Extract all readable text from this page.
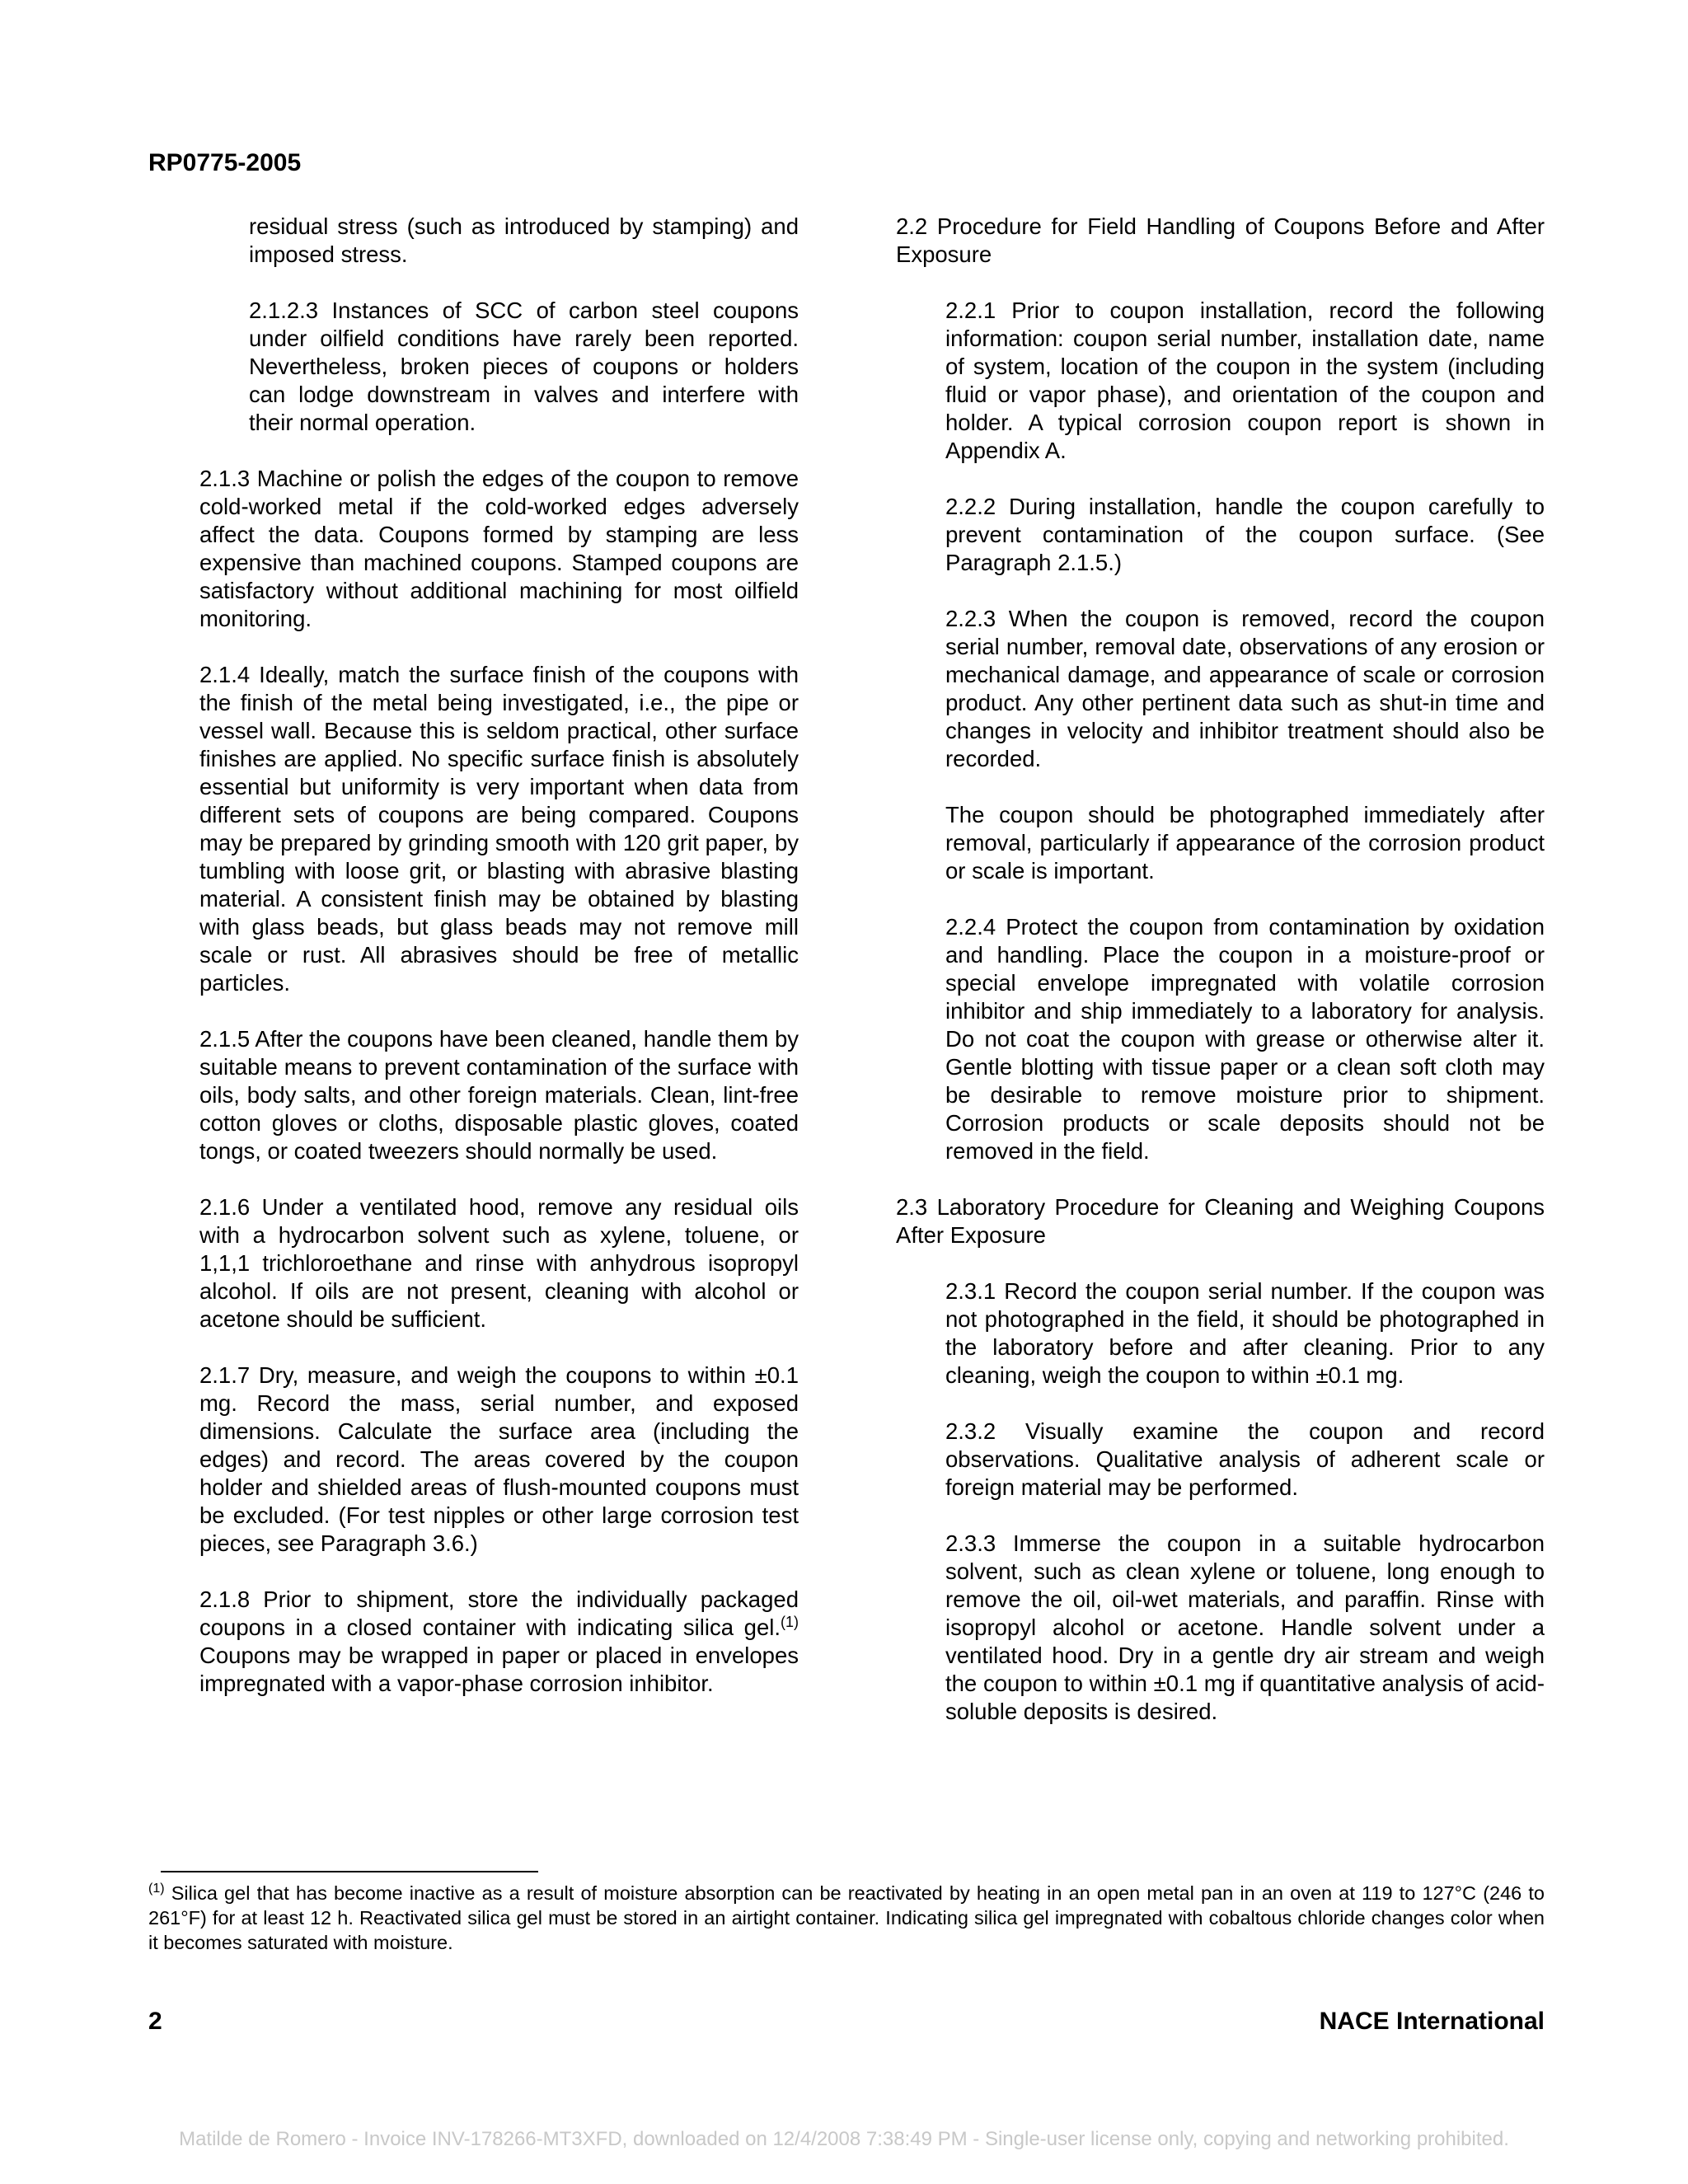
RP0775-2005

residual stress (such as introduced by stamping) and imposed stress.

2.1.2.3 Instances of SCC of carbon steel coupons under oilfield conditions have rarely been reported. Nevertheless, broken pieces of coupons or holders can lodge downstream in valves and interfere with their normal operation.

2.1.3 Machine or polish the edges of the coupon to remove cold-worked metal if the cold-worked edges adversely affect the data. Coupons formed by stamping are less expensive than machined coupons. Stamped coupons are satisfactory without additional machining for most oilfield monitoring.

2.1.4 Ideally, match the surface finish of the coupons with the finish of the metal being investigated, i.e., the pipe or vessel wall. Because this is seldom practical, other surface finishes are applied. No specific surface finish is absolutely essential but uniformity is very important when data from different sets of coupons are being compared. Coupons may be prepared by grinding smooth with 120 grit paper, by tumbling with loose grit, or blasting with abrasive blasting material. A consistent finish may be obtained by blasting with glass beads, but glass beads may not remove mill scale or rust. All abrasives should be free of metallic particles.

2.1.5 After the coupons have been cleaned, handle them by suitable means to prevent contamination of the surface with oils, body salts, and other foreign materials. Clean, lint-free cotton gloves or cloths, disposable plastic gloves, coated tongs, or coated tweezers should normally be used.

2.1.6 Under a ventilated hood, remove any residual oils with a hydrocarbon solvent such as xylene, toluene, or 1,1,1 trichloroethane and rinse with anhydrous isopropyl alcohol. If oils are not present, cleaning with alcohol or acetone should be sufficient.

2.1.7 Dry, measure, and weigh the coupons to within ±0.1 mg. Record the mass, serial number, and exposed dimensions. Calculate the surface area (including the edges) and record. The areas covered by the coupon holder and shielded areas of flush-mounted coupons must be excluded. (For test nipples or other large corrosion test pieces, see Paragraph 3.6.)

2.1.8 Prior to shipment, store the individually packaged coupons in a closed container with indicating silica gel.$^{(1)}$ Coupons may be wrapped in paper or placed in envelopes impregnated with a vapor-phase corrosion inhibitor.

2.2 Procedure for Field Handling of Coupons Before and After Exposure

2.2.1 Prior to coupon installation, record the following information: coupon serial number, installation date, name of system, location of the coupon in the system (including fluid or vapor phase), and orientation of the coupon and holder. A typical corrosion coupon report is shown in Appendix A.

2.2.2 During installation, handle the coupon carefully to prevent contamination of the coupon surface. (See Paragraph 2.1.5.)

2.2.3 When the coupon is removed, record the coupon serial number, removal date, observations of any erosion or mechanical damage, and appearance of scale or corrosion product. Any other pertinent data such as shut-in time and changes in velocity and inhibitor treatment should also be recorded.

The coupon should be photographed immediately after removal, particularly if appearance of the corrosion product or scale is important.

2.2.4 Protect the coupon from contamination by oxidation and handling. Place the coupon in a moisture-proof or special envelope impregnated with volatile corrosion inhibitor and ship immediately to a laboratory for analysis. Do not coat the coupon with grease or otherwise alter it. Gentle blotting with tissue paper or a clean soft cloth may be desirable to remove moisture prior to shipment. Corrosion products or scale deposits should not be removed in the field.

2.3 Laboratory Procedure for Cleaning and Weighing Coupons After Exposure

2.3.1 Record the coupon serial number. If the coupon was not photographed in the field, it should be photographed in the laboratory before and after cleaning. Prior to any cleaning, weigh the coupon to within ±0.1 mg.

2.3.2 Visually examine the coupon and record observations. Qualitative analysis of adherent scale or foreign material may be performed.

2.3.3 Immerse the coupon in a suitable hydrocarbon solvent, such as clean xylene or toluene, long enough to remove the oil, oil-wet materials, and paraffin. Rinse with isopropyl alcohol or acetone. Handle solvent under a ventilated hood. Dry in a gentle dry air stream and weigh the coupon to within ±0.1 mg if quantitative analysis of acid-soluble deposits is desired.

$^{(1)}$ Silica gel that has become inactive as a result of moisture absorption can be reactivated by heating in an open metal pan in an oven at 119 to 127°C (246 to 261°F) for at least 12 h. Reactivated silica gel must be stored in an airtight container. Indicating silica gel impregnated with cobaltous chloride changes color when it becomes saturated with moisture.
2	NACE International
Matilde de Romero - Invoice INV-178266-MT3XFD, downloaded on 12/4/2008 7:38:49 PM - Single-user license only, copying and networking prohibited.
